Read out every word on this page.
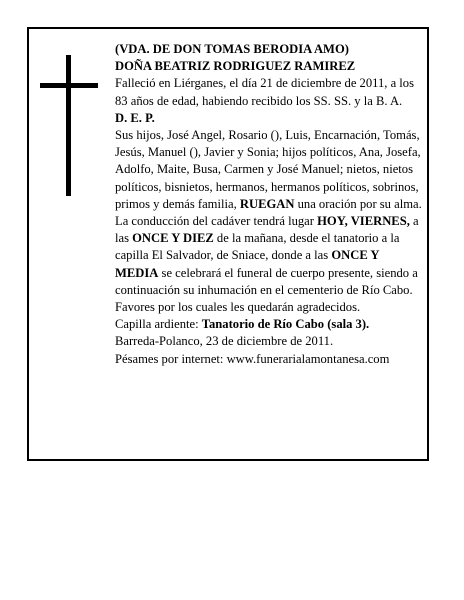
(VDA. DE DON TOMAS BERODIA AMO)

DOÑA BEATRIZ RODRIGUEZ RAMIREZ

Falleció en Liérganes, el día 21 de diciembre de 2011, a los

83 años de edad, habiendo recibido los SS. SS. y la B. A.

D. E. P.

Sus hijos, José Angel, Rosario (), Luis, Encarnación, Tomás, Jesús, Manuel (), Javier y Sonia; hijos políticos, Ana, Josefa, Adolfo, Maite, Busa, Carmen y José Manuel; nietos, nietos políticos, bisnietos, hermanos, hermanos políticos, sobrinos, primos y demás familia, RUEGAN una oración por su alma. La conducción del cadáver tendrá lugar HOY, VIERNES, a las ONCE Y DIEZ de la mañana, desde el tanatorio a la capilla El Salvador, de Sniace, donde a las ONCE Y MEDIA se celebrará el funeral de cuerpo presente, siendo a continuación su inhumación en el cementerio de Río Cabo. Favores por los cuales les quedarán agradecidos.

Capilla ardiente: Tanatorio de Río Cabo (sala 3).

Barreda-Polanco, 23 de diciembre de 2011.

Pésames por internet: www.funerarialamontanesa.com
